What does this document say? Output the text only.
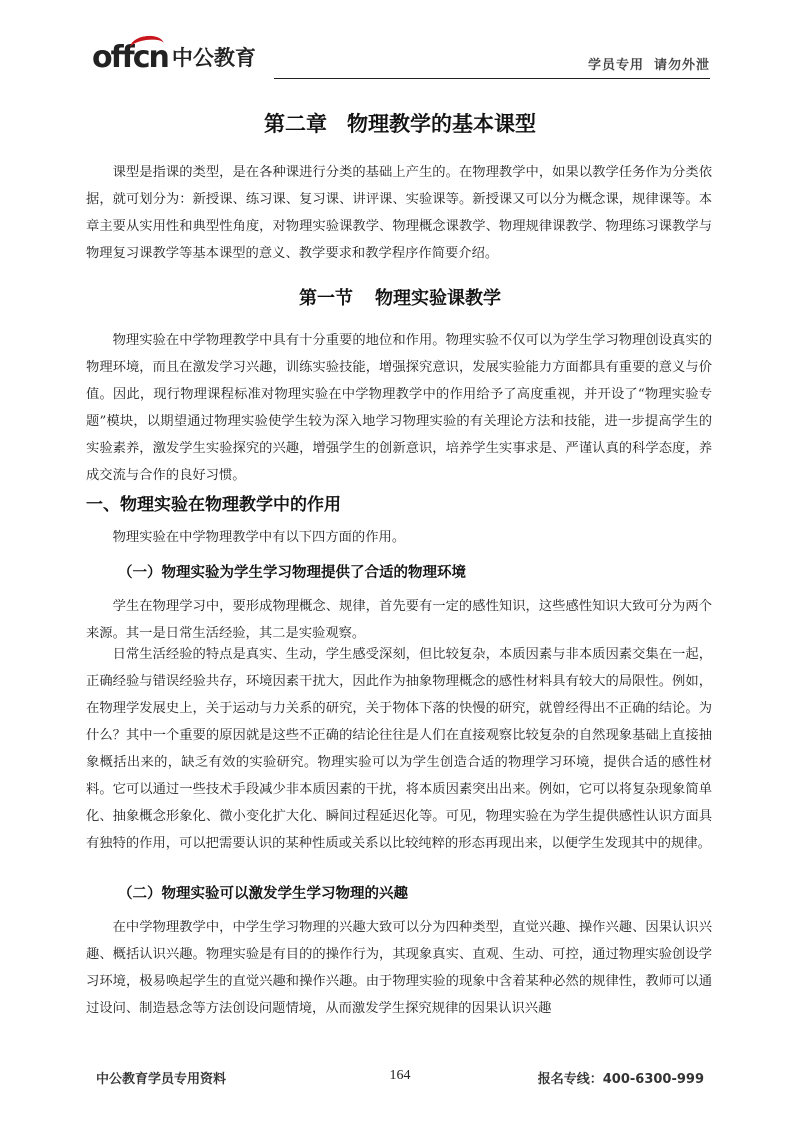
offcn 中公教育	学员专用 请勿外泄
第二章 物理教学的基本课型

课型是指课的类型，是在各种课进行分类的基础上产生的。在物理教学中，如果以教学任务作为分类依据，就可划分为：新授课、练习课、复习课、讲评课、实验课等。新授课又可以分为概念课，规律课等。本章主要从实用性和典型性角度，对物理实验课教学、物理概念课教学、物理规律课教学、物理练习课教学与物理复习课教学等基本课型的意义、教学要求和教学程序作简要介绍。

第一节 物理实验课教学

物理实验在中学物理教学中具有十分重要的地位和作用。物理实验不仅可以为学生学习物理创设真实的物理环境，而且在激发学习兴趣，训练实验技能，增强探究意识，发展实验能力方面都具有重要的意义与价值。因此，现行物理课程标准对物理实验在中学物理教学中的作用给予了高度重视，并开设了“物理实验专题”模块，以期望通过物理实验使学生较为深入地学习物理实验的有关理论方法和技能，进一步提高学生的实验素养，激发学生实验探究的兴趣，增强学生的创新意识，培养学生实事求是、严谨认真的科学态度，养成交流与合作的良好习惯。

一、物理实验在物理教学中的作用

物理实验在中学物理教学中有以下四方面的作用。

（一）物理实验为学生学习物理提供了合适的物理环境

学生在物理学习中，要形成物理概念、规律，首先要有一定的感性知识，这些感性知识大致可分为两个来源。其一是日常生活经验，其二是实验观察。

日常生活经验的特点是真实、生动，学生感受深刻，但比较复杂，本质因素与非本质因素交集在一起，正确经验与错误经验共存，环境因素干扰大，因此作为抽象物理概念的感性材料具有较大的局限性。例如，在物理学发展史上，关于运动与力关系的研究，关于物体下落的快慢的研究，就曾经得出不正确的结论。为什么？其中一个重要的原因就是这些不正确的结论往往是人们在直接观察比较复杂的自然现象基础上直接抽象概括出来的，缺乏有效的实验研究。物理实验可以为学生创造合适的物理学习环境，提供合适的感性材料。它可以通过一些技术手段减少非本质因素的干扰，将本质因素突出出来。例如，它可以将复杂现象简单化、抽象概念形象化、微小变化扩大化、瞬间过程延迟化等。可见，物理实验在为学生提供感性认识方面具有独特的作用，可以把需要认识的某种性质或关系以比较纯粹的形态再现出来，以便学生发现其中的规律。

（二）物理实验可以激发学生学习物理的兴趣

在中学物理教学中，中学生学习物理的兴趣大致可以分为四种类型，直觉兴趣、操作兴趣、因果认识兴趣、概括认识兴趣。物理实验是有目的的操作行为，其现象真实、直观、生动、可控，通过物理实验创设学习环境，极易唤起学生的直觉兴趣和操作兴趣。由于物理实验的现象中含着某种必然的规律性，教师可以通过设问、制造悬念等方法创设问题情境，从而激发学生探究规律的因果认识兴趣

中公教育学员专用资料	164	报名专线：400-6300-999
